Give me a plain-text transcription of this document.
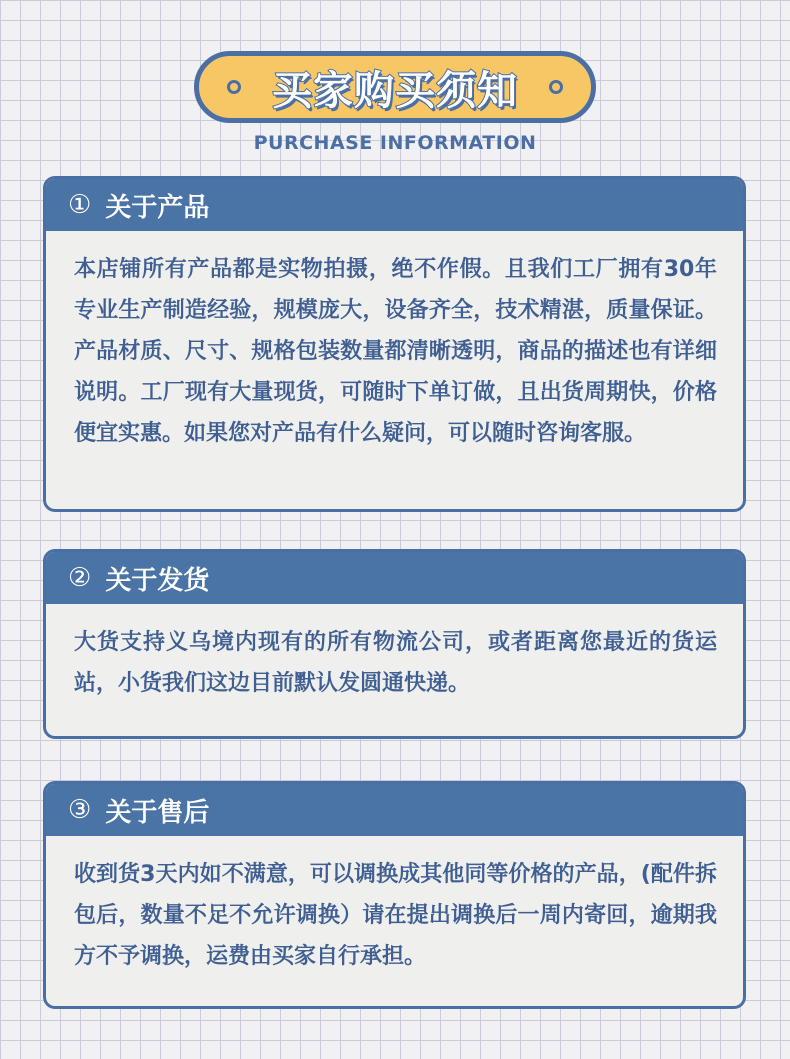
买家购买须知
PURCHASE INFORMATION
① 关于产品
本店铺所有产品都是实物拍摄，绝不作假。且我们工厂拥有30年专业生产制造经验，规模庞大，设备齐全，技术精湛，质量保证。产品材质、尺寸、规格包装数量都清晰透明，商品的描述也有详细说明。工厂现有大量现货，可随时下单订做，且出货周期快，价格便宜实惠。如果您对产品有什么疑问，可以随时咨询客服。
② 关于发货
大货支持义乌境内现有的所有物流公司，或者距离您最近的货运站，小货我们这边目前默认发圆通快递。
③ 关于售后
收到货3天内如不满意，可以调换成其他同等价格的产品，(配件拆包后，数量不足不允许调换）请在提出调换后一周内寄回，逾期我方不予调换，运费由买家自行承担。
